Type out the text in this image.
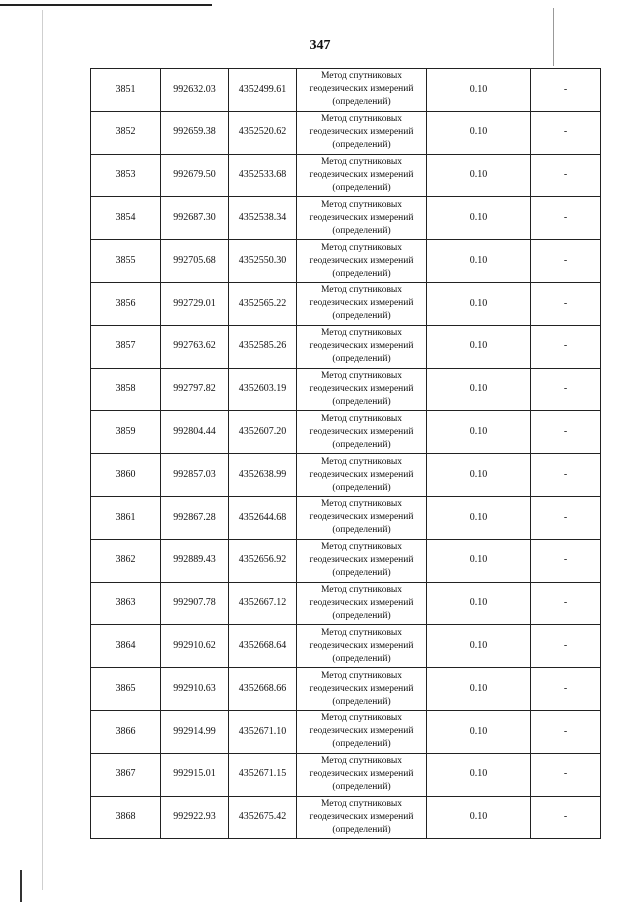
347
3851	992632.03	4352499.61	Метод спутниковых геодезических измерений (определений)	0.10	-
3852	992659.38	4352520.62	Метод спутниковых геодезических измерений (определений)	0.10	-
3853	992679.50	4352533.68	Метод спутниковых геодезических измерений (определений)	0.10	-
3854	992687.30	4352538.34	Метод спутниковых геодезических измерений (определений)	0.10	-
3855	992705.68	4352550.30	Метод спутниковых геодезических измерений (определений)	0.10	-
3856	992729.01	4352565.22	Метод спутниковых геодезических измерений (определений)	0.10	-
3857	992763.62	4352585.26	Метод спутниковых геодезических измерений (определений)	0.10	-
3858	992797.82	4352603.19	Метод спутниковых геодезических измерений (определений)	0.10	-
3859	992804.44	4352607.20	Метод спутниковых геодезических измерений (определений)	0.10	-
3860	992857.03	4352638.99	Метод спутниковых геодезических измерений (определений)	0.10	-
3861	992867.28	4352644.68	Метод спутниковых геодезических измерений (определений)	0.10	-
3862	992889.43	4352656.92	Метод спутниковых геодезических измерений (определений)	0.10	-
3863	992907.78	4352667.12	Метод спутниковых геодезических измерений (определений)	0.10	-
3864	992910.62	4352668.64	Метод спутниковых геодезических измерений (определений)	0.10	-
3865	992910.63	4352668.66	Метод спутниковых геодезических измерений (определений)	0.10	-
3866	992914.99	4352671.10	Метод спутниковых геодезических измерений (определений)	0.10	-
3867	992915.01	4352671.15	Метод спутниковых геодезических измерений (определений)	0.10	-
3868	992922.93	4352675.42	Метод спутниковых геодезических измерений (определений)	0.10	-
